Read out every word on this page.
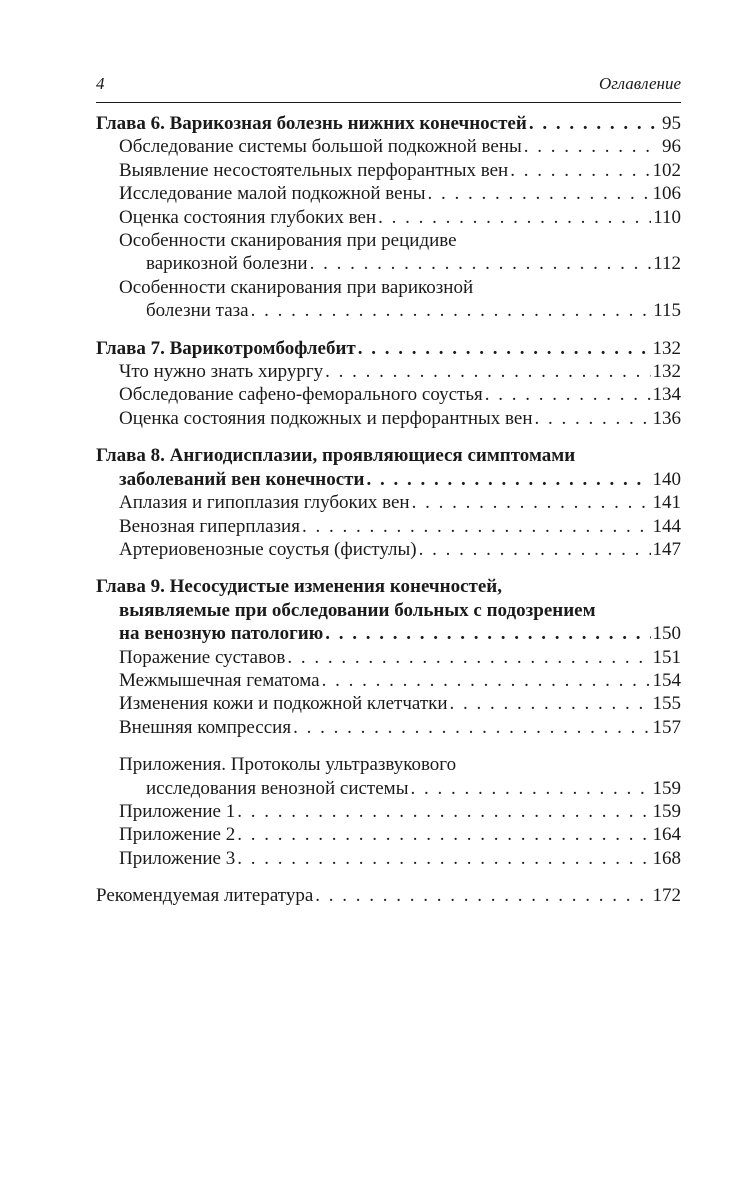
4	Оглавление
Глава 6. Варикозная болезнь нижних конечностей . . .	95
Обследование системы большой подкожной вены . . .	96
Выявление несостоятельных перфорантных вен . . .	102
Исследование малой подкожной вены . . .	106
Оценка состояния глубоких вен . . .	110
Особенности сканирования при рецидиве
варикозной болезни . . .	112
Особенности сканирования при варикозной
болезни таза . . .	115
Глава 7. Варикотромбофлебит . . .	132
Что нужно знать хирургу . . .	132
Обследование сафено-феморального соустья . . .	134
Оценка состояния подкожных и перфорантных вен . . .	136
Глава 8. Ангиодисплазии, проявляющиеся симптомами
заболеваний вен конечности . . .	140
Аплазия и гипоплазия глубоких вен . . .	141
Венозная гиперплазия . . .	144
Артериовенозные соустья (фистулы) . . .	147
Глава 9. Несосудистые изменения конечностей,
выявляемые при обследовании больных с подозрением
на венозную патологию . . .	150
Поражение суставов . . .	151
Межмышечная гематома . . .	154
Изменения кожи и подкожной клетчатки . . .	155
Внешняя компрессия . . .	157
Приложения. Протоколы ультразвукового
исследования венозной системы . . .	159
Приложение 1 . . .	159
Приложение 2 . . .	164
Приложение 3 . . .	168
Рекомендуемая литература . . .	172
